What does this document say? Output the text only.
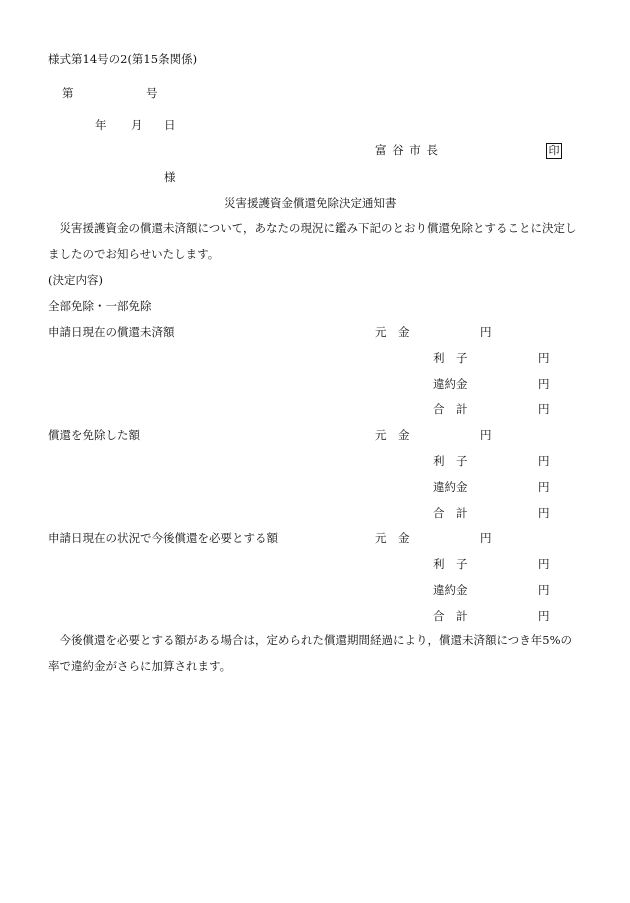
様式第14号の2(第15条関係)
第	号
年 月 日
富 谷 市 長	印
様
災害援護資金償還免除決定通知書
災害援護資金の償還未済額について，あなたの現況に鑑み下記のとおり償還免除とすることに決定しましたのでお知らせいたします。
(決定内容)
全部免除・一部免除
申請日現在の償還未済額	元　金	円
利　子	円
違約金	円
合　計	円
償還を免除した額	元　金	円
利　子	円
違約金	円
合　計	円
申請日現在の状況で今後償還を必要とする額	元　金	円
利　子	円
違約金	円
合　計	円
今後償還を必要とする額がある場合は，定められた償還期間経過により，償還未済額につき年5%の率で違約金がさらに加算されます。
